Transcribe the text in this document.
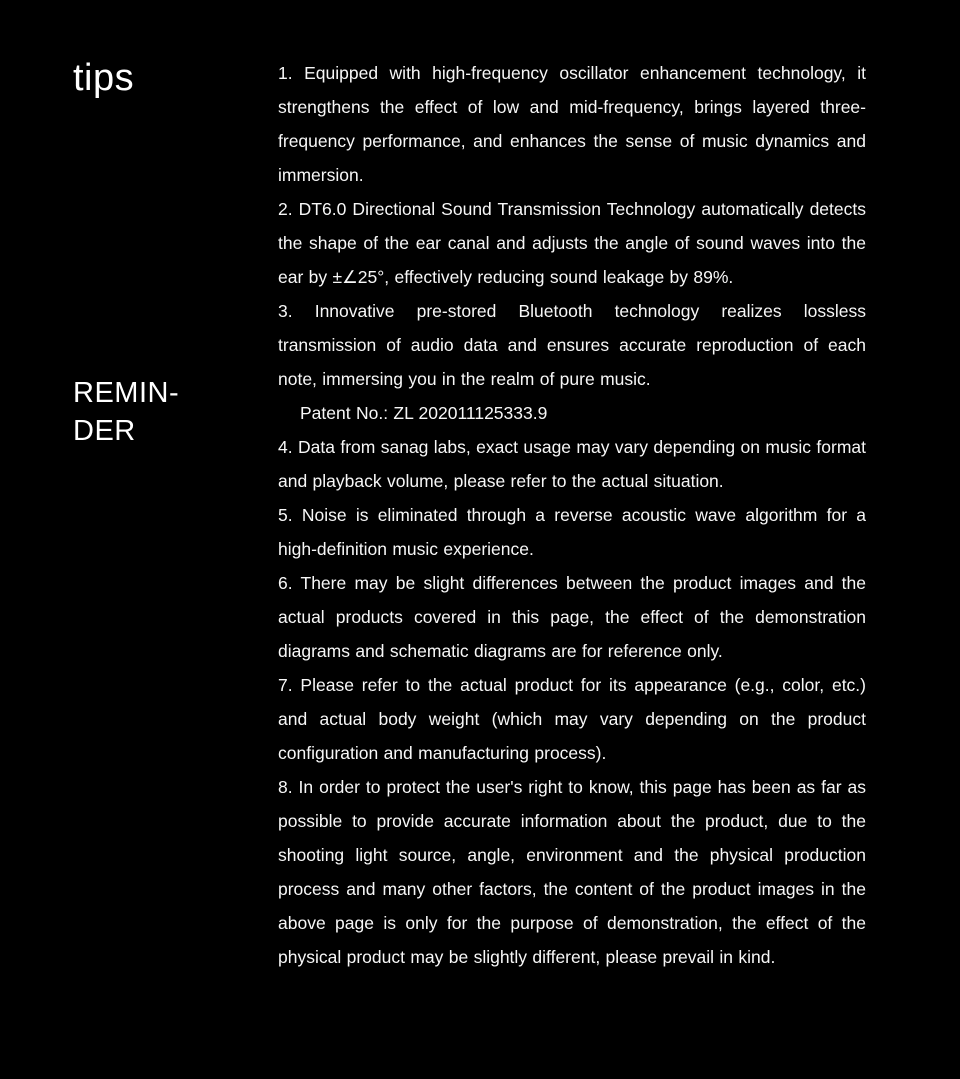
tips
REMIN-
DER

1. Equipped with high-frequency oscillator enhancement technology, it strengthens the effect of low and mid-frequency, brings layered three-frequency performance, and enhances the sense of music dynamics and immersion.

2. DT6.0 Directional Sound Transmission Technology automatically detects the shape of the ear canal and adjusts the angle of sound waves into the ear by ±∠25°, effectively reducing sound leakage by 89%.

3. Innovative pre-stored Bluetooth technology realizes lossless transmission of audio data and ensures accurate reproduction of each note, immersing you in the realm of pure music.

Patent No.: ZL 202011125333.9

4. Data from sanag labs, exact usage may vary depending on music format and playback volume, please refer to the actual situation.

5. Noise is eliminated through a reverse acoustic wave algorithm for a high-definition music experience.

6. There may be slight differences between the product images and the actual products covered in this page, the effect of the demonstration diagrams and schematic diagrams are for reference only.

7. Please refer to the actual product for its appearance (e.g., color, etc.) and actual body weight (which may vary depending on the product configuration and manufacturing process).

8. In order to protect the user's right to know, this page has been as far as possible to provide accurate information about the product, due to the shooting light source, angle, environment and the physical production process and many other factors, the content of the product images in the above page is only for the purpose of demonstration, the effect of the physical product may be slightly different, please prevail in kind.
